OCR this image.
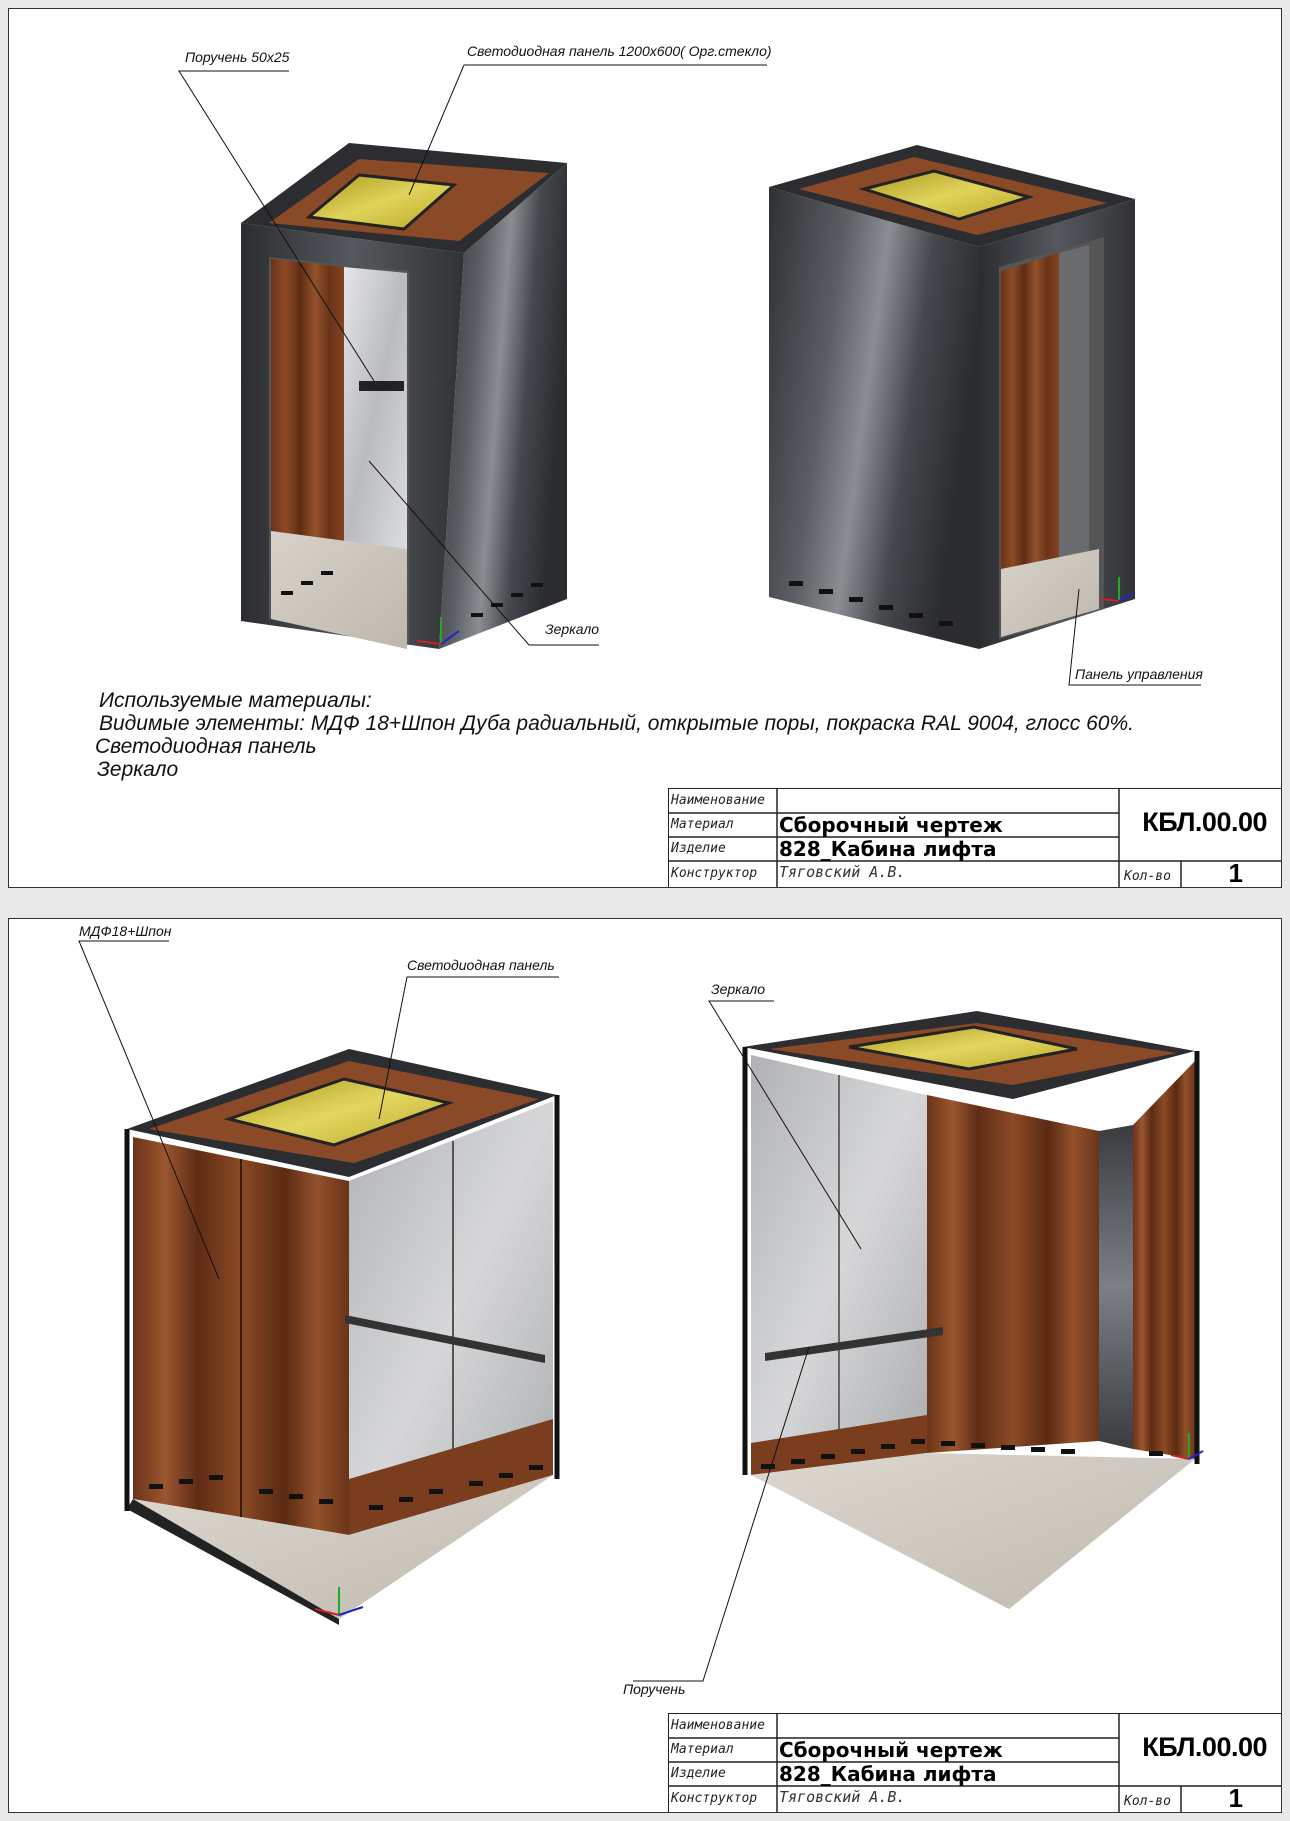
Поручень 50х25	Светодиодная панель 1200х600( Орг.стекло)
Зеркало
Панель управления
Используемые материалы:
Видимые элементы: МДФ 18+Шпон Дуба радиальный, открытые поры, покраска RAL 9004, глосс 60%.
Светодиодная панель
Зеркало
Наименование
Материал
Изделие
Конструктор
Сборочный чертеж
828_Кабина лифта
Тяговский А.В.
КБЛ.00.00
Кол-во 1
МДФ18+Шпон
Светодиодная панель
Зеркало
Поручень
Наименование
Материал
Изделие
Конструктор
Сборочный чертеж
828_Кабина лифта
Тяговский А.В.
КБЛ.00.00
Кол-во 1
